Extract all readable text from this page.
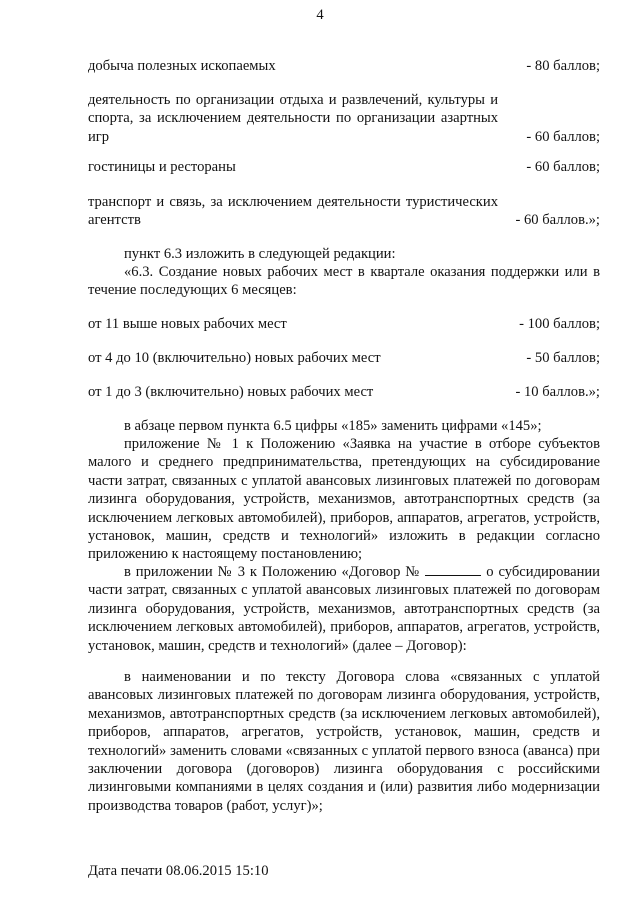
4
добыча полезных ископаемых	- 80 баллов;
деятельность по организации отдыха и развлечений, культуры и спорта, за исключением деятельности по организации азартных игр	- 60 баллов;
гостиницы и рестораны	- 60 баллов;
транспорт и связь, за исключением деятельности туристических агентств	- 60 баллов.»;
пункт 6.3 изложить в следующей редакции:
«6.3. Создание новых рабочих мест в квартале оказания поддержки или в течение последующих 6 месяцев:
от 11 выше новых рабочих мест	- 100 баллов;
от 4 до 10 (включительно) новых рабочих мест	- 50 баллов;
от 1 до 3 (включительно) новых рабочих мест	- 10 баллов.»;
в абзаце первом пункта 6.5 цифры «185» заменить цифрами «145»;
приложение № 1 к Положению «Заявка на участие в отборе субъектов малого и среднего предпринимательства, претендующих на субсидирование части затрат, связанных с уплатой авансовых лизинговых платежей по договорам лизинга оборудования, устройств, механизмов, автотранспортных средств (за исключением легковых автомобилей), приборов, аппаратов, агрегатов, устройств, установок, машин, средств и технологий» изложить в редакции согласно приложению к настоящему постановлению;
в приложении № 3 к Положению «Договор №	о субсидировании части затрат, связанных с уплатой авансовых лизинговых платежей по договорам лизинга оборудования, устройств, механизмов, автотранспортных средств (за исключением легковых автомобилей), приборов, аппаратов, агрегатов, устройств, установок, машин, средств и технологий» (далее – Договор):
в наименовании и по тексту Договора слова «связанных с уплатой авансовых лизинговых платежей по договорам лизинга оборудования, устройств, механизмов, автотранспортных средств (за исключением легковых автомобилей), приборов, аппаратов, агрегатов, устройств, установок, машин, средств и технологий» заменить словами «связанных с уплатой первого взноса (аванса) при заключении договора (договоров) лизинга оборудования с российскими лизинговыми компаниями в целях создания и (или) развития либо модернизации производства товаров (работ, услуг)»;
Дата печати 08.06.2015 15:10
